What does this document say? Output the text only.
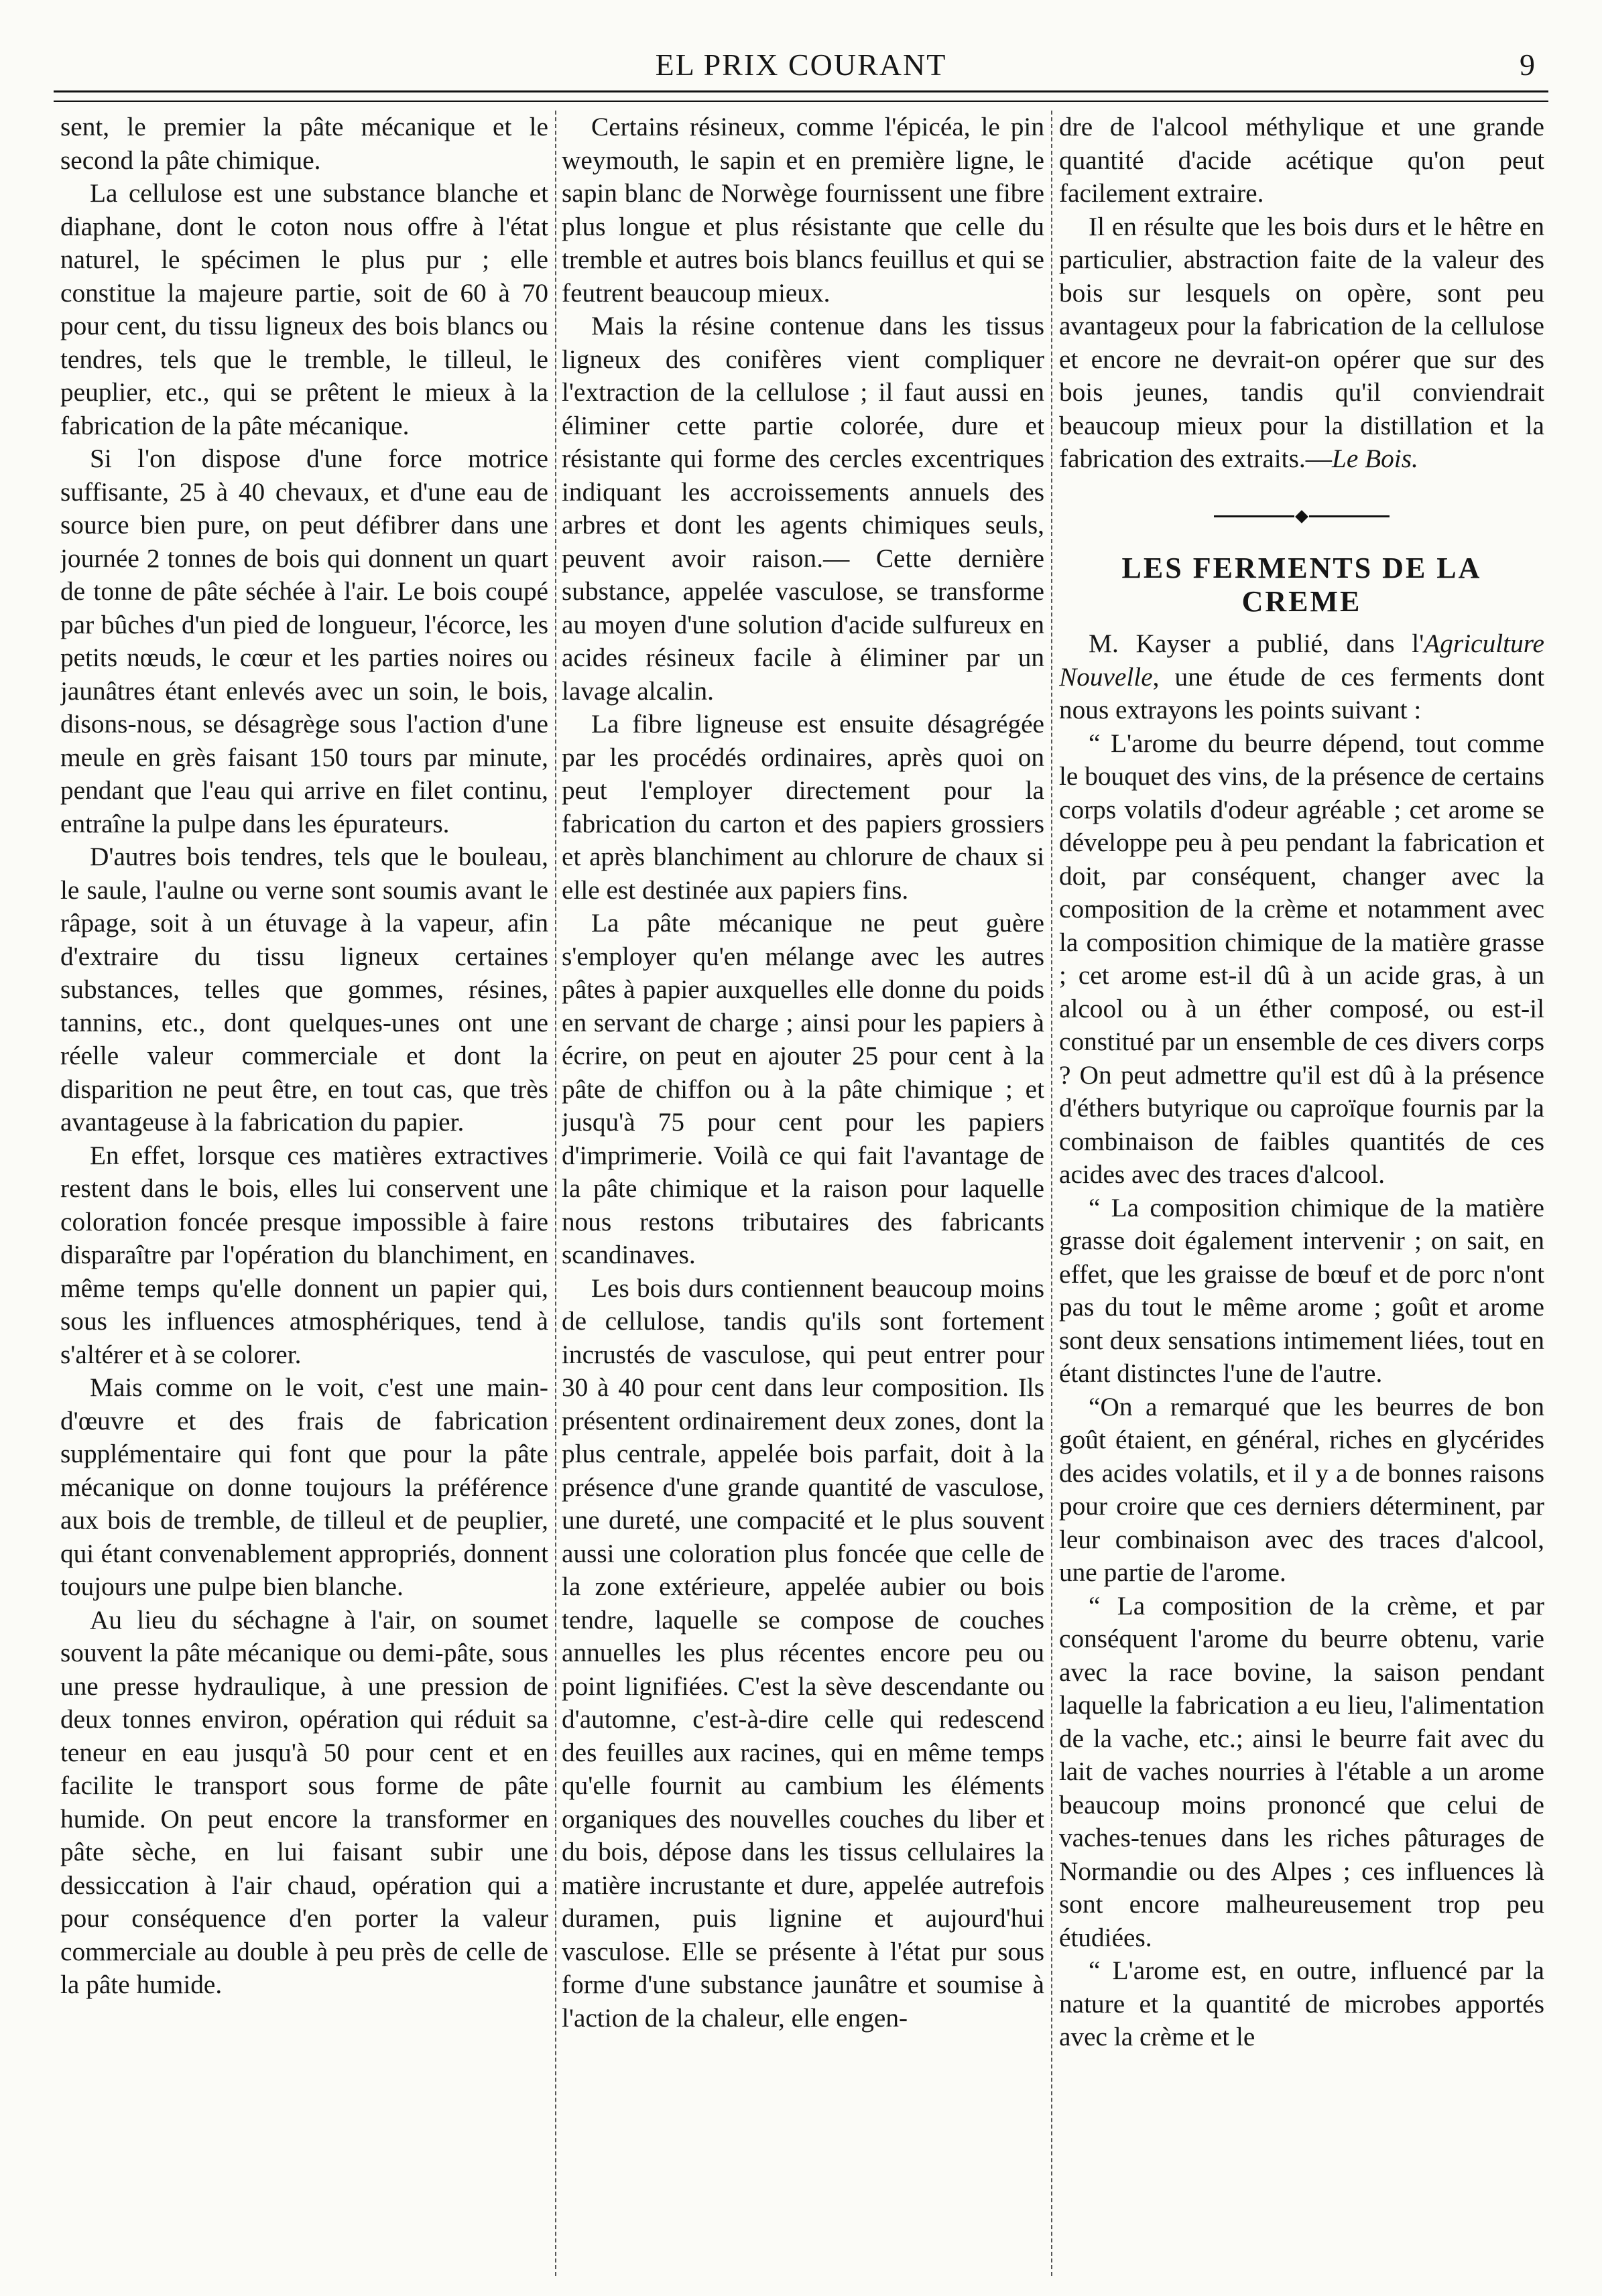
EL PRIX COURANT	9

sent, le premier la pâte mécanique et le second la pâte chimique.

La cellulose est une substance blanche et diaphane, dont le coton nous offre à l'état naturel, le spécimen le plus pur ; elle constitue la majeure partie, soit de 60 à 70 pour cent, du tissu ligneux des bois blancs ou tendres, tels que le tremble, le tilleul, le peuplier, etc., qui se prêtent le mieux à la fabrication de la pâte mécanique.

Si l'on dispose d'une force motrice suffisante, 25 à 40 chevaux, et d'une eau de source bien pure, on peut défibrer dans une journée 2 tonnes de bois qui donnent un quart de tonne de pâte séchée à l'air. Le bois coupé par bûches d'un pied de longueur, l'écorce, les petits nœuds, le cœur et les parties noires ou jaunâtres étant enlevés avec un soin, le bois, disons-nous, se désagrège sous l'action d'une meule en grès faisant 150 tours par minute, pendant que l'eau qui arrive en filet continu, entraîne la pulpe dans les épurateurs.

D'autres bois tendres, tels que le bouleau, le saule, l'aulne ou verne sont soumis avant le râpage, soit à un étuvage à la vapeur, afin d'extraire du tissu ligneux certaines substances, telles que gommes, résines, tannins, etc., dont quelques-unes ont une réelle valeur commerciale et dont la disparition ne peut être, en tout cas, que très avantageuse à la fabrication du papier.

En effet, lorsque ces matières extractives restent dans le bois, elles lui conservent une coloration foncée presque impossible à faire disparaître par l'opération du blanchiment, en même temps qu'elle donnent un papier qui, sous les influences atmosphériques, tend à s'altérer et à se colorer.

Mais comme on le voit, c'est une main-d'œuvre et des frais de fabrication supplémentaire qui font que pour la pâte mécanique on donne toujours la préférence aux bois de tremble, de tilleul et de peuplier, qui étant convenablement appropriés, donnent toujours une pulpe bien blanche.

Au lieu du séchagne à l'air, on soumet souvent la pâte mécanique ou demi-pâte, sous une presse hydraulique, à une pression de deux tonnes environ, opération qui réduit sa teneur en eau jusqu'à 50 pour cent et en facilite le transport sous forme de pâte humide. On peut encore la transformer en pâte sèche, en lui faisant subir une dessiccation à l'air chaud, opération qui a pour conséquence d'en porter la valeur commerciale au double à peu près de celle de la pâte humide.

Certains résineux, comme l'épicéa, le pin weymouth, le sapin et en première ligne, le sapin blanc de Norwège fournissent une fibre plus longue et plus résistante que celle du tremble et autres bois blancs feuillus et qui se feutrent beaucoup mieux.

Mais la résine contenue dans les tissus ligneux des conifères vient compliquer l'extraction de la cellulose ; il faut aussi en éliminer cette partie colorée, dure et résistante qui forme des cercles excentriques indiquant les accroissements annuels des arbres et dont les agents chimiques seuls, peuvent avoir raison.— Cette dernière substance, appelée vasculose, se transforme au moyen d'une solution d'acide sulfureux en acides résineux facile à éliminer par un lavage alcalin.

La fibre ligneuse est ensuite désagrégée par les procédés ordinaires, après quoi on peut l'employer directement pour la fabrication du carton et des papiers grossiers et après blanchiment au chlorure de chaux si elle est destinée aux papiers fins.

La pâte mécanique ne peut guère s'employer qu'en mélange avec les autres pâtes à papier auxquelles elle donne du poids en servant de charge ; ainsi pour les papiers à écrire, on peut en ajouter 25 pour cent à la pâte de chiffon ou à la pâte chimique ; et jusqu'à 75 pour cent pour les papiers d'imprimerie. Voilà ce qui fait l'avantage de la pâte chimique et la raison pour laquelle nous restons tributaires des fabricants scandinaves.

Les bois durs contiennent beaucoup moins de cellulose, tandis qu'ils sont fortement incrustés de vasculose, qui peut entrer pour 30 à 40 pour cent dans leur composition. Ils présentent ordinairement deux zones, dont la plus centrale, appelée bois parfait, doit à la présence d'une grande quantité de vasculose, une dureté, une compacité et le plus souvent aussi une coloration plus foncée que celle de la zone extérieure, appelée aubier ou bois tendre, laquelle se compose de couches annuelles les plus récentes encore peu ou point lignifiées. C'est la sève descendante ou d'automne, c'est-à-dire celle qui redescend des feuilles aux racines, qui en même temps qu'elle fournit au cambium les éléments organiques des nouvelles couches du liber et du bois, dépose dans les tissus cellulaires la matière incrustante et dure, appelée autrefois duramen, puis lignine et aujourd'hui vasculose. Elle se présente à l'état pur sous forme d'une substance jaunâtre et soumise à l'action de la chaleur, elle engen-

dre de l'alcool méthylique et une grande quantité d'acide acétique qu'on peut facilement extraire.

Il en résulte que les bois durs et le hêtre en particulier, abstraction faite de la valeur des bois sur lesquels on opère, sont peu avantageux pour la fabrication de la cellulose et encore ne devrait-on opérer que sur des bois jeunes, tandis qu'il conviendrait beaucoup mieux pour la distillation et la fabrication des extraits.—Le Bois.

LES FERMENTS DE LA CREME

M. Kayser a publié, dans l'Agriculture Nouvelle, une étude de ces ferments dont nous extrayons les points suivant :

“ L'arome du beurre dépend, tout comme le bouquet des vins, de la présence de certains corps volatils d'odeur agréable ; cet arome se développe peu à peu pendant la fabrication et doit, par conséquent, changer avec la composition de la crème et notamment avec la composition chimique de la matière grasse ; cet arome est-il dû à un acide gras, à un alcool ou à un éther composé, ou est-il constitué par un ensemble de ces divers corps ? On peut admettre qu'il est dû à la présence d'éthers butyrique ou caproïque fournis par la combinaison de faibles quantités de ces acides avec des traces d'alcool.

“ La composition chimique de la matière grasse doit également intervenir ; on sait, en effet, que les graisse de bœuf et de porc n'ont pas du tout le même arome ; goût et arome sont deux sensations intimement liées, tout en étant distinctes l'une de l'autre.

“On a remarqué que les beurres de bon goût étaient, en général, riches en glycérides des acides volatils, et il y a de bonnes raisons pour croire que ces derniers déterminent, par leur combinaison avec des traces d'alcool, une partie de l'arome.

“ La composition de la crème, et par conséquent l'arome du beurre obtenu, varie avec la race bovine, la saison pendant laquelle la fabrication a eu lieu, l'alimentation de la vache, etc.; ainsi le beurre fait avec du lait de vaches nourries à l'étable a un arome beaucoup moins prononcé que celui de vaches-tenues dans les riches pâturages de Normandie ou des Alpes ; ces influences là sont encore malheureusement trop peu étudiées.

“ L'arome est, en outre, influencé par la nature et la quantité de microbes apportés avec la crème et le
